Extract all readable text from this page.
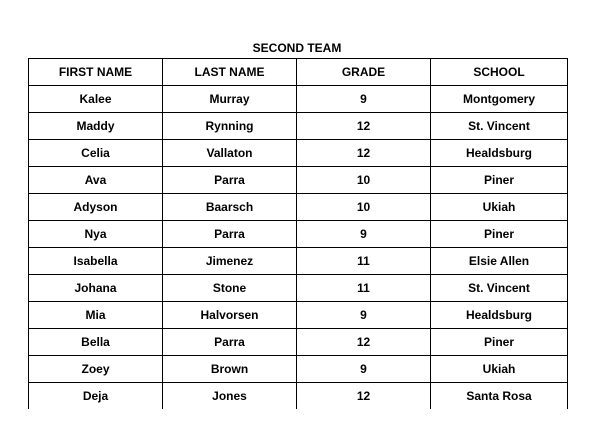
SECOND TEAM
FIRST NAME	LAST NAME	GRADE	SCHOOL
Kalee	Murray	9	Montgomery
Maddy	Rynning	12	St. Vincent
Celia	Vallaton	12	Healdsburg
Ava	Parra	10	Piner
Adyson	Baarsch	10	Ukiah
Nya	Parra	9	Piner
Isabella	Jimenez	11	Elsie Allen
Johana	Stone	11	St. Vincent
Mia	Halvorsen	9	Healdsburg
Bella	Parra	12	Piner
Zoey	Brown	9	Ukiah
Deja	Jones	12	Santa Rosa
